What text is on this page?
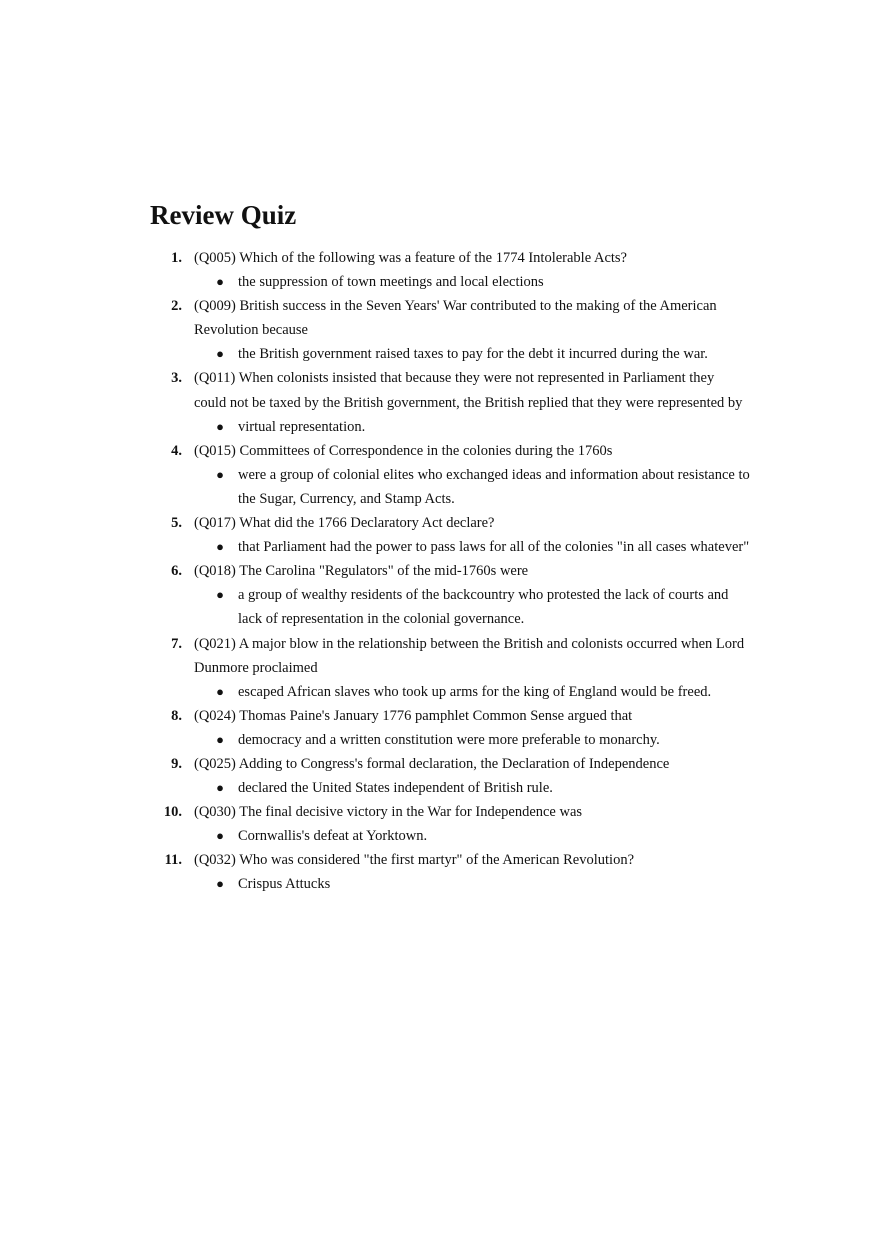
Review Quiz
1. (Q005) Which of the following was a feature of the 1774 Intolerable Acts?
● the suppression of town meetings and local elections
2. (Q009) British success in the Seven Years' War contributed to the making of the American Revolution because
● the British government raised taxes to pay for the debt it incurred during the war.
3. (Q011) When colonists insisted that because they were not represented in Parliament they could not be taxed by the British government, the British replied that they were represented by
● virtual representation.
4. (Q015) Committees of Correspondence in the colonies during the 1760s
● were a group of colonial elites who exchanged ideas and information about resistance to the Sugar, Currency, and Stamp Acts.
5. (Q017) What did the 1766 Declaratory Act declare?
● that Parliament had the power to pass laws for all of the colonies "in all cases whatever"
6. (Q018) The Carolina "Regulators" of the mid-1760s were
● a group of wealthy residents of the backcountry who protested the lack of courts and lack of representation in the colonial governance.
7. (Q021) A major blow in the relationship between the British and colonists occurred when Lord Dunmore proclaimed
● escaped African slaves who took up arms for the king of England would be freed.
8. (Q024) Thomas Paine's January 1776 pamphlet Common Sense argued that
● democracy and a written constitution were more preferable to monarchy.
9. (Q025) Adding to Congress's formal declaration, the Declaration of Independence
● declared the United States independent of British rule.
10. (Q030) The final decisive victory in the War for Independence was
● Cornwallis's defeat at Yorktown.
11. (Q032) Who was considered "the first martyr" of the American Revolution?
● Crispus Attucks
